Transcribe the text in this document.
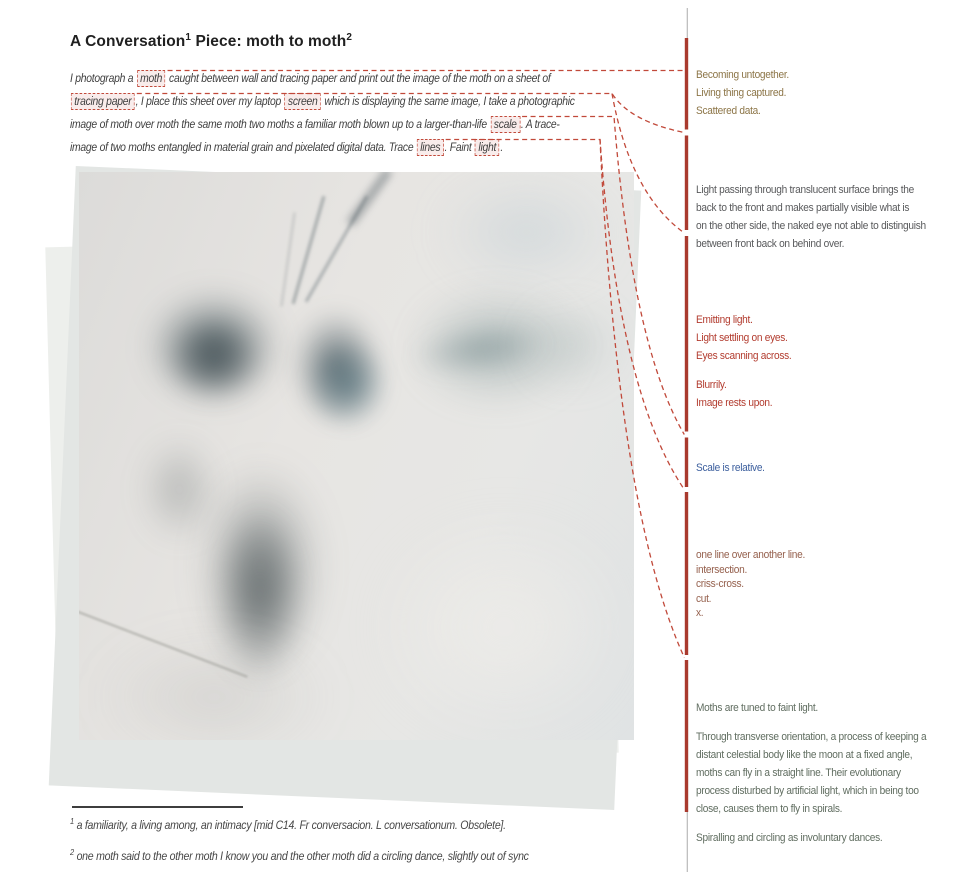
A Conversation$^1$ Piece: moth to moth$^2$
I photograph a moth caught between wall and tracing paper and print out the image of the moth on a sheet of
tracing paper , I place this sheet over my laptop screen which is displaying the same image, I take a photographic
image of moth over moth the same moth two moths a familiar moth blown up to a larger-than-life scale . A trace-
image of two moths entangled in material grain and pixelated digital data. Trace lines . Faint light .
Becoming untogether.
Living thing captured.
Scattered data.
Light passing through translucent surface brings the
back to the front and makes partially visible what is
on the other side, the naked eye not able to distinguish
between front back on behind over.
Emitting light.
Light settling on eyes.
Eyes scanning across.
Blurrily.
Image rests upon.
Scale is relative.
one line over another line.
intersection.
criss-cross.
cut.
x.
Moths are tuned to faint light.
Through transverse orientation, a process of keeping a
distant celestial body like the moon at a fixed angle,
moths can fly in a straight line. Their evolutionary
process disturbed by artificial light, which in being too
close, causes them to fly in spirals.
Spiralling and circling as involuntary dances.
$^1$ a familiarity, a living among, an intimacy [mid C14. Fr conversacion. L conversationum. Obsolete].
$^2$ one moth said to the other moth I know you and the other moth did a circling dance, slightly out of sync
